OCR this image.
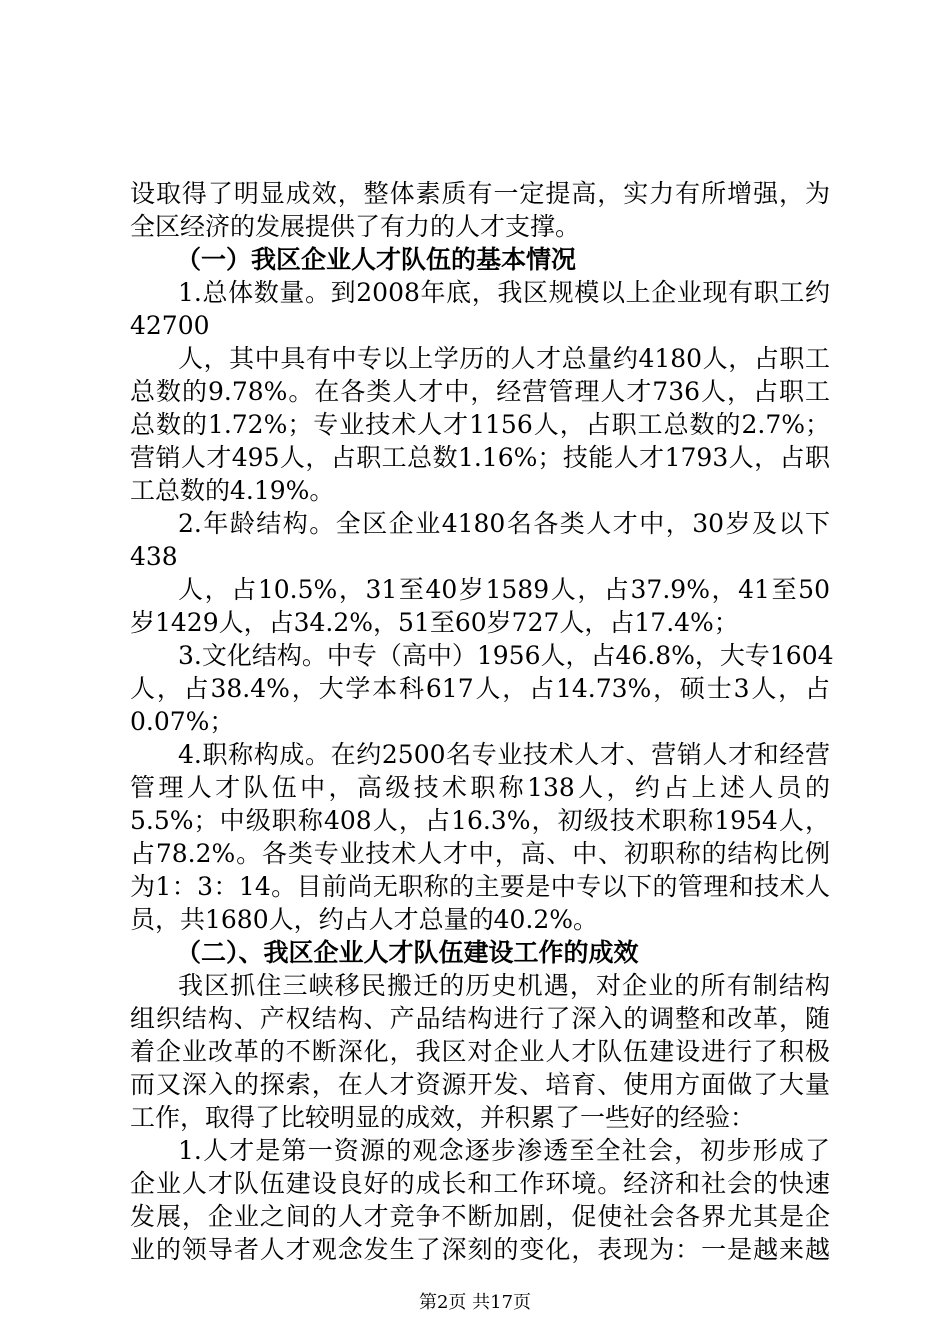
设取得了明显成效，整体素质有一定提高，实力有所增强，为
全区经济的发展提供了有力的人才支撑。
（一）我区企业人才队伍的基本情况
1.总体数量。到2008年底，我区规模以上企业现有职工约
42700
人，其中具有中专以上学历的人才总量约4180人，占职工
总数的9.78%。在各类人才中，经营管理人才736人，占职工
总数的1.72%；专业技术人才1156人，占职工总数的2.7%；
营销人才495人，占职工总数1.16%；技能人才1793人，占职
工总数的4.19%。
2.年龄结构。全区企业4180名各类人才中，30岁及以下
438
人，占10.5%，31至40岁1589人，占37.9%，41至50
岁1429人，占34.2%，51至60岁727人，占17.4%；
3.文化结构。中专（高中）1956人，占46.8%，大专1604
人，占38.4%，大学本科617人，占14.73%，硕士3人，占
0.07%；
4.职称构成。在约2500名专业技术人才、营销人才和经营
管理人才队伍中，高级技术职称138人，约占上述人员的
5.5%；中级职称408人，占16.3%，初级技术职称1954人，
占78.2%。各类专业技术人才中，高、中、初职称的结构比例
为1：3：14。目前尚无职称的主要是中专以下的管理和技术人
员，共1680人，约占人才总量的40.2%。
（二）、我区企业人才队伍建设工作的成效
我区抓住三峡移民搬迁的历史机遇，对企业的所有制结构
组织结构、产权结构、产品结构进行了深入的调整和改革，随
着企业改革的不断深化，我区对企业人才队伍建设进行了积极
而又深入的探索，在人才资源开发、培育、使用方面做了大量
工作，取得了比较明显的成效，并积累了一些好的经验：
1.人才是第一资源的观念逐步渗透至全社会，初步形成了
企业人才队伍建设良好的成长和工作环境。经济和社会的快速
发展，企业之间的人才竞争不断加剧，促使社会各界尤其是企
业的领导者人才观念发生了深刻的变化，表现为：一是越来越
第2页 共17页
